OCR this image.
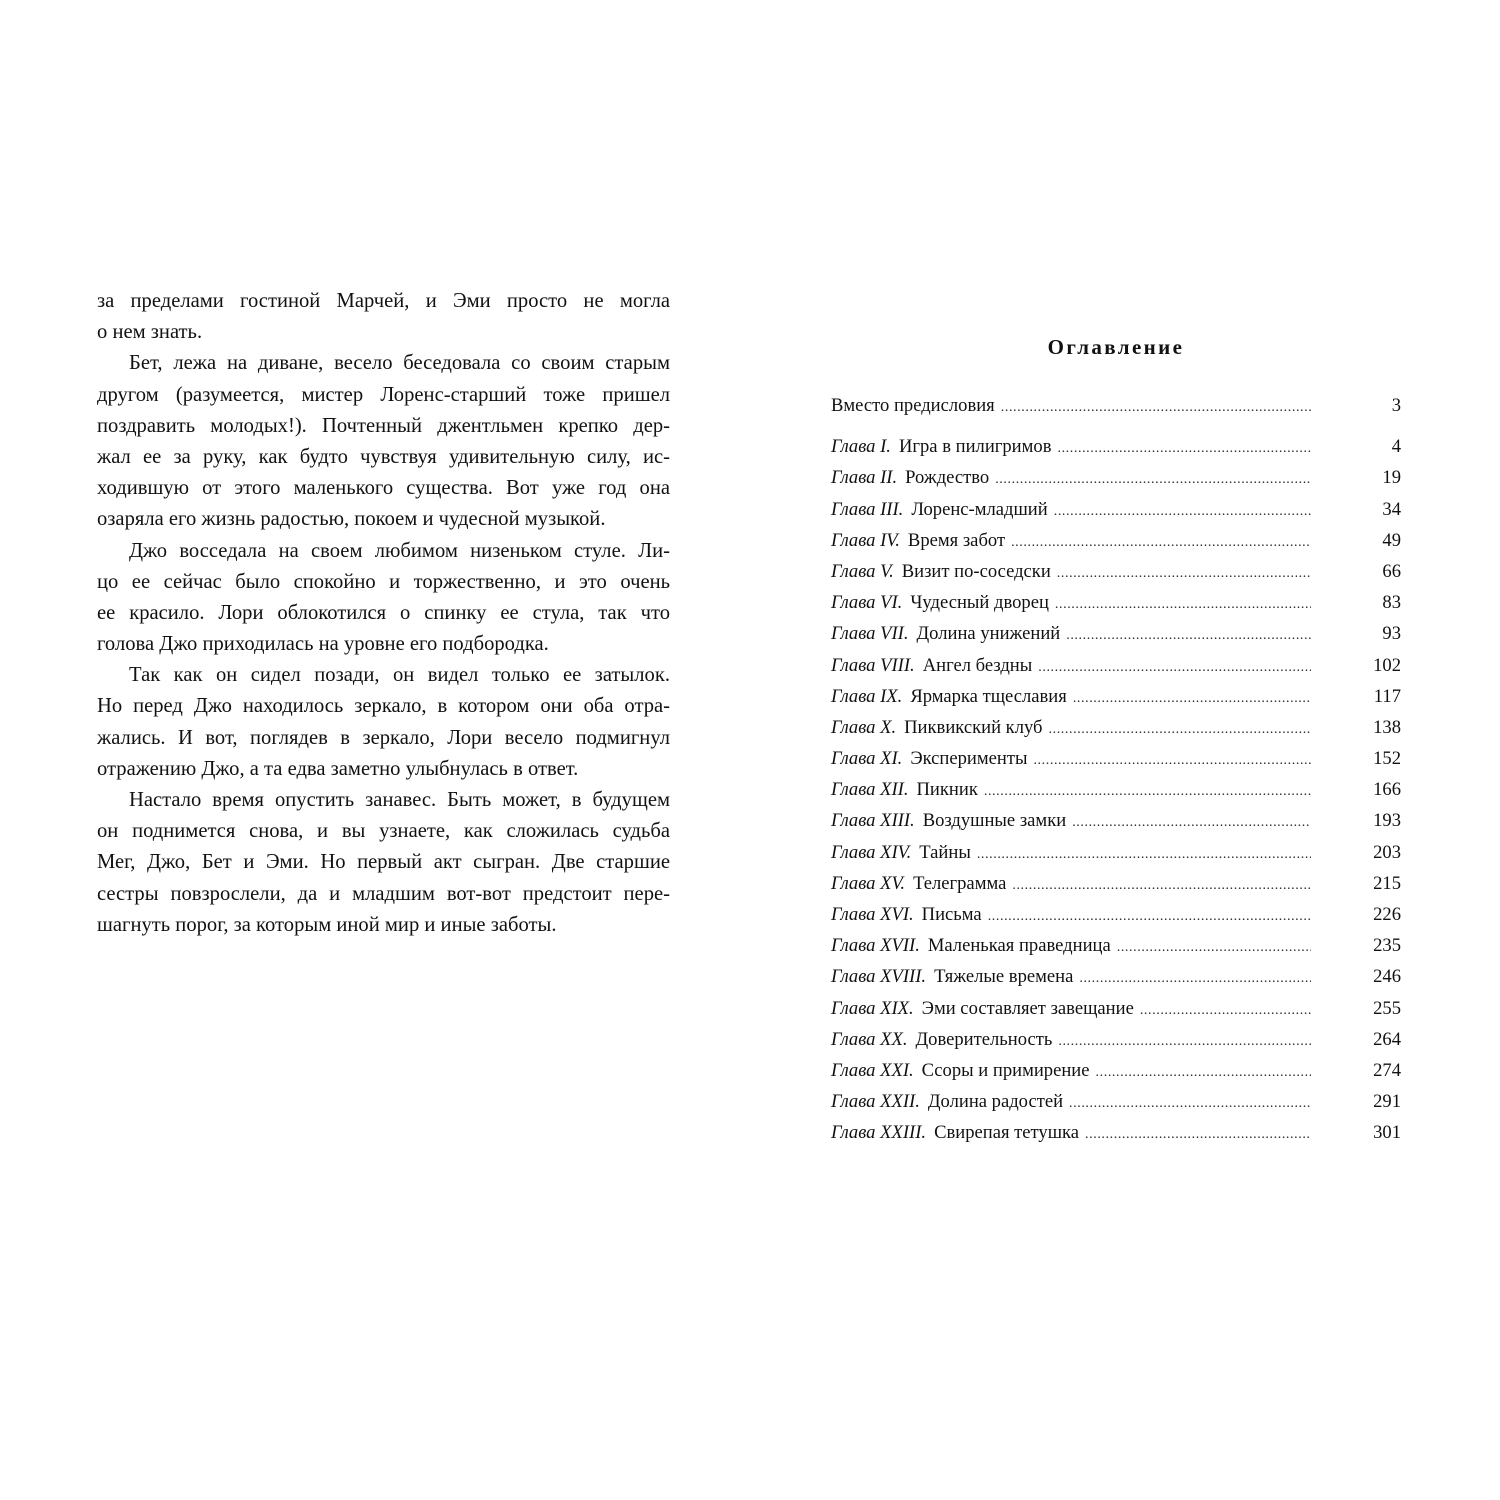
за пределами гостиной Марчей, и Эми просто не могла
о нем знать.
Бет, лежа на диване, весело беседовала со своим старым
другом (разумеется, мистер Лоренс-старший тоже пришел
поздравить молодых!). Почтенный джентльмен крепко дер-
жал ее за руку, как будто чувствуя удивительную силу, ис-
ходившую от этого маленького существа. Вот уже год она
озаряла его жизнь радостью, покоем и чудесной музыкой.
Джо восседала на своем любимом низеньком стуле. Ли-
цо ее сейчас было спокойно и торжественно, и это очень
ее красило. Лори облокотился о спинку ее стула, так что
голова Джо приходилась на уровне его подбородка.
Так как он сидел позади, он видел только ее затылок.
Но перед Джо находилось зеркало, в котором они оба отра-
жались. И вот, поглядев в зеркало, Лори весело подмигнул
отражению Джо, а та едва заметно улыбнулась в ответ.
Настало время опустить занавес. Быть может, в будущем
он поднимется снова, и вы узнаете, как сложилась судьба
Мег, Джо, Бет и Эми. Но первый акт сыгран. Две старшие
сестры повзрослели, да и младшим вот-вот предстоит пере-
шагнуть порог, за которым иной мир и иные заботы.
Оглавление
Вместо предисловия .....	3
Глава I. Игра в пилигримов .....	4
Глава II. Рождество .....	19
Глава III. Лоренс-младший .....	34
Глава IV. Время забот .....	49
Глава V. Визит по-соседски .....	66
Глава VI. Чудесный дворец .....	83
Глава VII. Долина унижений .....	93
Глава VIII. Ангел бездны .....	102
Глава IX. Ярмарка тщеславия .....	117
Глава X. Пиквикский клуб .....	138
Глава XI. Эксперименты .....	152
Глава XII. Пикник .....	166
Глава XIII. Воздушные замки .....	193
Глава XIV. Тайны .....	203
Глава XV. Телеграмма .....	215
Глава XVI. Письма .....	226
Глава XVII. Маленькая праведница .....	235
Глава XVIII. Тяжелые времена .....	246
Глава XIX. Эми составляет завещание .....	255
Глава XX. Доверительность .....	264
Глава XXI. Ссоры и примирение .....	274
Глава XXII. Долина радостей .....	291
Глава XXIII. Свирепая тетушка .....	301
